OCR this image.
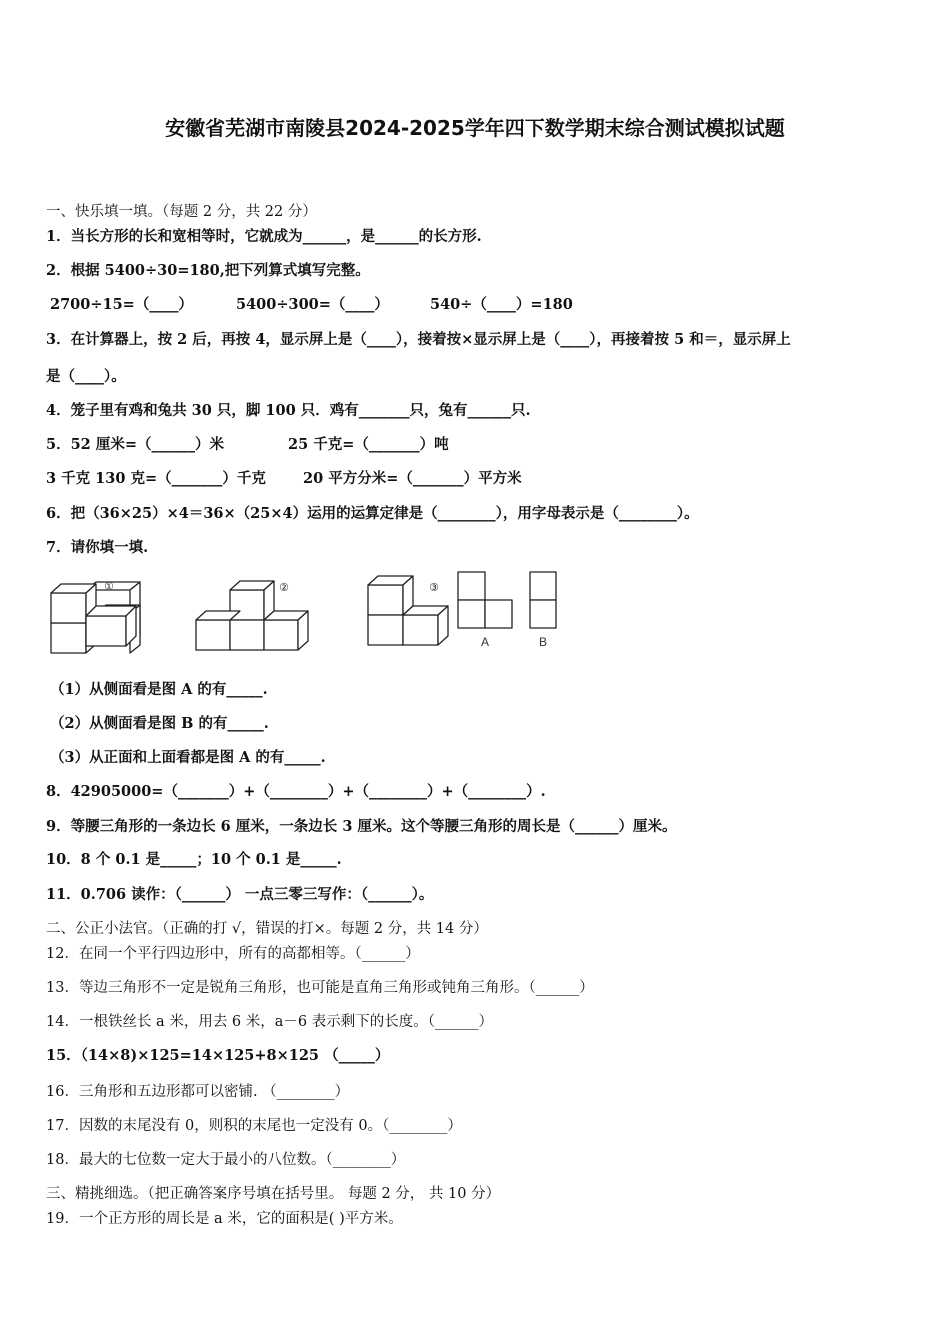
安徽省芜湖市南陵县2024-2025学年四下数学期末综合测试模拟试题
一、快乐填一填。（每题 2 分，共 22 分）
1．当长方形的长和宽相等时，它就成为______，是______的长方形.
2．根据 5400÷30=180,把下列算式填写完整。
2700÷15=（____）	5400÷300=（____）	540÷（____）=180
3．在计算器上，按 2 后，再按 4，显示屏上是（____），接着按×显示屏上是（____），再接着按 5 和＝，显示屏上
是（____）。
4．笼子里有鸡和兔共 30 只，脚 100 只．鸡有_______只，兔有______只.
5．52 厘米=（______）米	25 千克=（_______）吨
3 千克 130 克=（_______）千克	20 平方分米=（_______）平方米
6．把（36×25）×4＝36×（25×4）运用的运算定律是（________），用字母表示是（________）。
7．请你填一填.
①	②	③
A	B
（1）从侧面看是图 A 的有_____.
（2）从侧面看是图 B 的有_____.
（3）从正面和上面看都是图 A 的有_____.
8．42905000=（_______）+（________）+（________）+（________）.
9．等腰三角形的一条边长 6 厘米，一条边长 3 厘米。这个等腰三角形的周长是（______）厘米。
10．8 个 0.1 是_____；10 个 0.1 是_____.
11．0.706 读作：（______） 一点三零三写作：（______）。
二、公正小法官。（正确的打 √，错误的打×。每题 2 分，共 14 分）
12．在同一个平行四边形中，所有的高都相等。（______）
13．等边三角形不一定是锐角三角形，也可能是直角三角形或钝角三角形。（______）
14．一根铁丝长 a 米，用去 6 米，a－6 表示剩下的长度。（______）
15．（14×8)×125=14×125+8×125 （_____）
16．三角形和五边形都可以密铺. （________）
17．因数的末尾没有 0，则积的末尾也一定没有 0。（________）
18．最大的七位数一定大于最小的八位数。（________）
三、精挑细选。（把正确答案序号填在括号里。 每题 2 分， 共 10 分）
19．一个正方形的周长是 a 米，它的面积是( )平方米。
